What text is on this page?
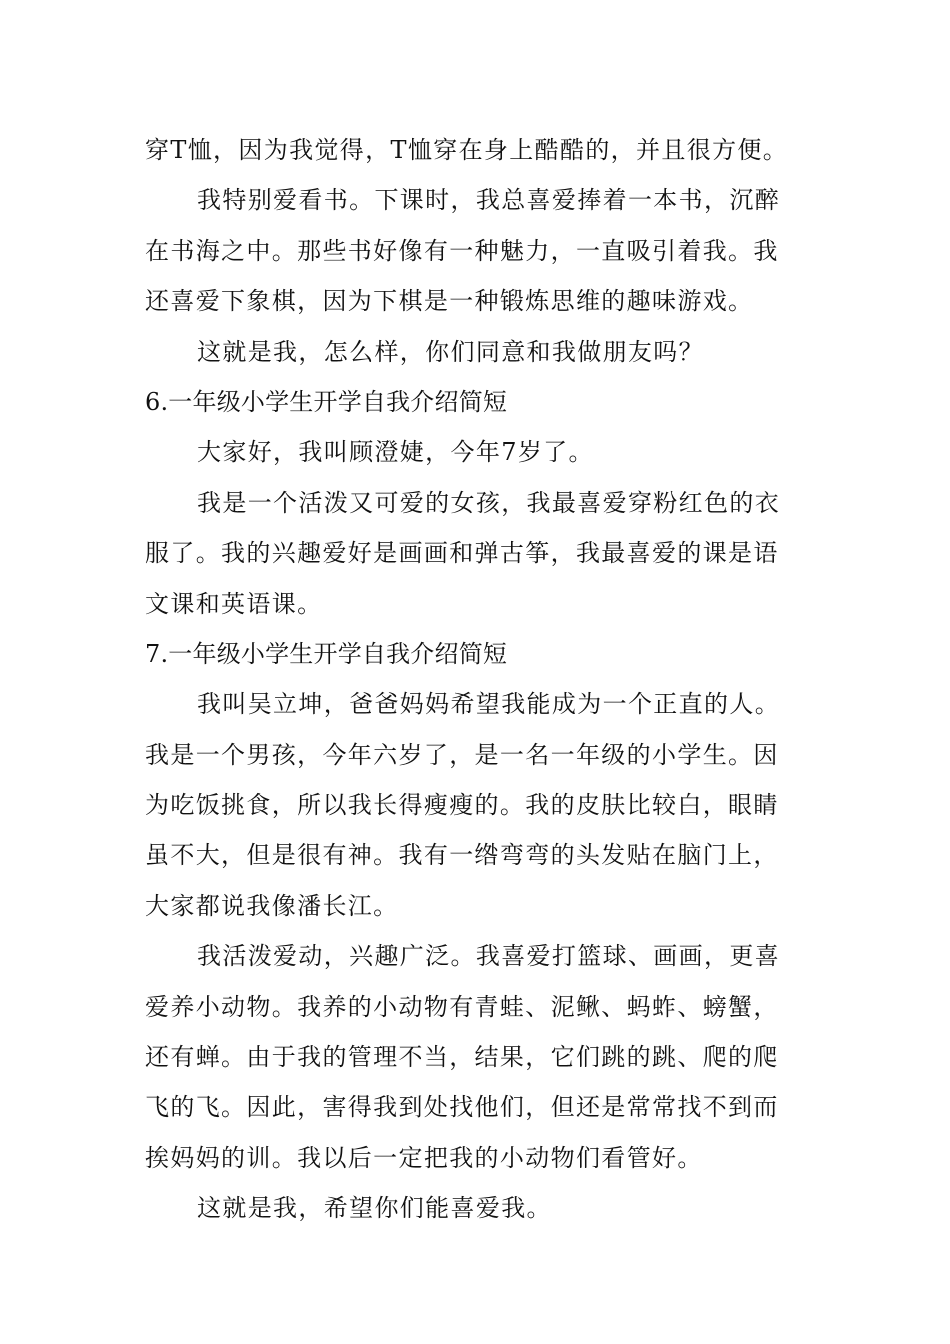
穿T恤，因为我觉得，T恤穿在身上酷酷的，并且很方便。
我特别爱看书。下课时，我总喜爱捧着一本书，沉醉
在书海之中。那些书好像有一种魅力，一直吸引着我。我
还喜爱下象棋，因为下棋是一种锻炼思维的趣味游戏。
这就是我，怎么样，你们同意和我做朋友吗？
6.一年级小学生开学自我介绍简短
大家好，我叫顾澄婕，今年7岁了。
我是一个活泼又可爱的女孩，我最喜爱穿粉红色的衣
服了。我的兴趣爱好是画画和弹古筝，我最喜爱的课是语
文课和英语课。
7.一年级小学生开学自我介绍简短
我叫吴立坤，爸爸妈妈希望我能成为一个正直的人。
我是一个男孩，今年六岁了，是一名一年级的小学生。因
为吃饭挑食，所以我长得瘦瘦的。我的皮肤比较白，眼睛
虽不大，但是很有神。我有一绺弯弯的头发贴在脑门上，
大家都说我像潘长江。
我活泼爱动，兴趣广泛。我喜爱打篮球、画画，更喜
爱养小动物。我养的小动物有青蛙、泥鳅、蚂蚱、螃蟹，
还有蝉。由于我的管理不当，结果，它们跳的跳、爬的爬
飞的飞。因此，害得我到处找他们，但还是常常找不到而
挨妈妈的训。我以后一定把我的小动物们看管好。
这就是我，希望你们能喜爱我。
